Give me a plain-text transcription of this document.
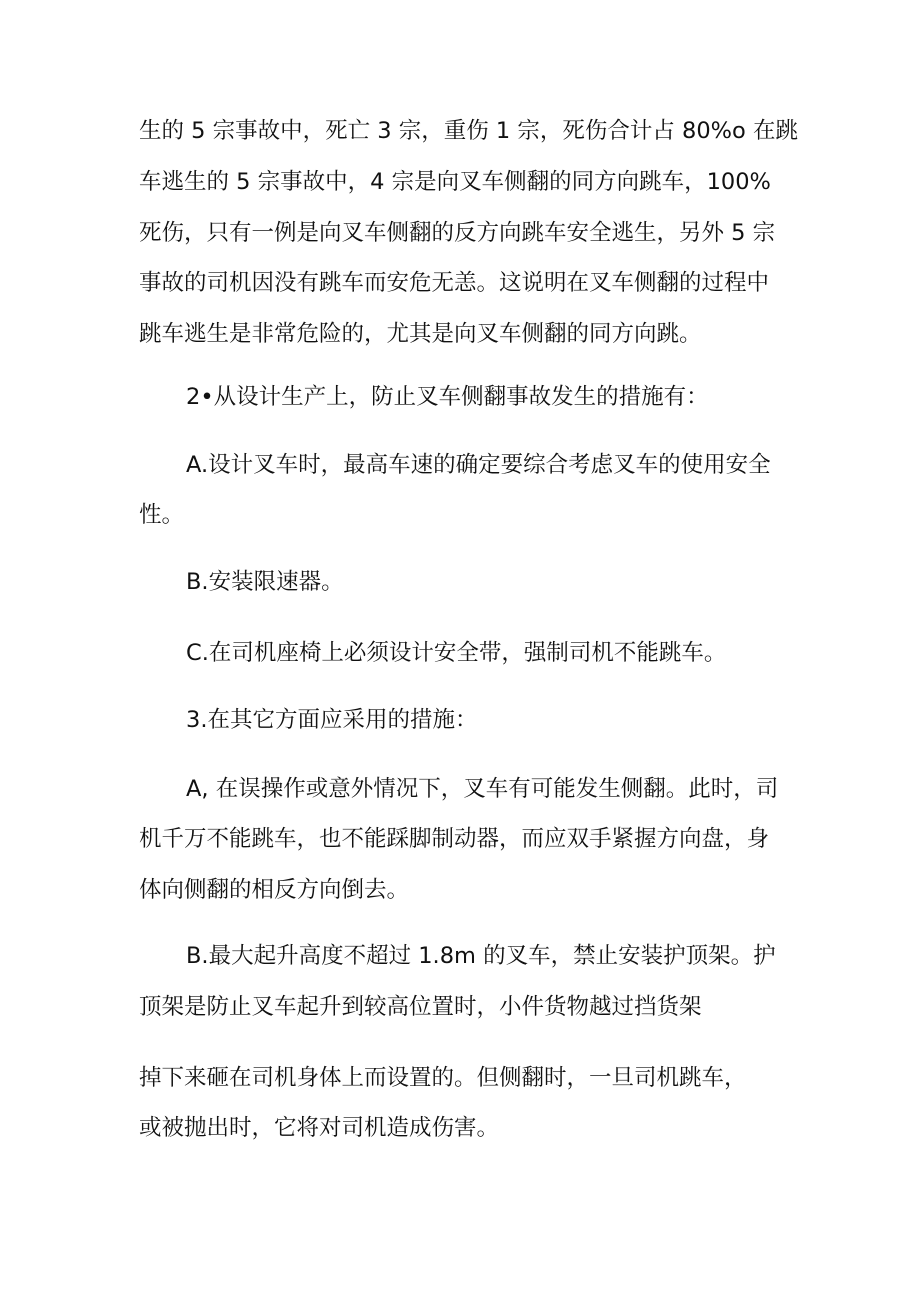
生的 5 宗事故中，死亡 3 宗，重伤 1 宗，死伤合计占 80%o 在跳
车逃生的 5 宗事故中，4 宗是向叉车侧翻的同方向跳车，100%
死伤，只有一例是向叉车侧翻的反方向跳车安全逃生，另外 5 宗
事故的司机因没有跳车而安危无恙。这说明在叉车侧翻的过程中
跳车逃生是非常危险的，尤其是向叉车侧翻的同方向跳。
2•从设计生产上，防止叉车侧翻事故发生的措施有：
A.设计叉车时，最高车速的确定要综合考虑叉车的使用安全
性。
B.安装限速器。
C.在司机座椅上必须设计安全带，强制司机不能跳车。
3.在其它方面应采用的措施：
A, 在误操作或意外情况下，叉车有可能发生侧翻。此时，司
机千万不能跳车，也不能踩脚制动器，而应双手紧握方向盘，身
体向侧翻的相反方向倒去。
B.最大起升高度不超过 1.8m 的叉车，禁止安装护顶架。护
顶架是防止叉车起升到较高位置时，小件货物越过挡货架
掉下来砸在司机身体上而设置的。但侧翻时，一旦司机跳车，
或被抛出时，它将对司机造成伤害。
